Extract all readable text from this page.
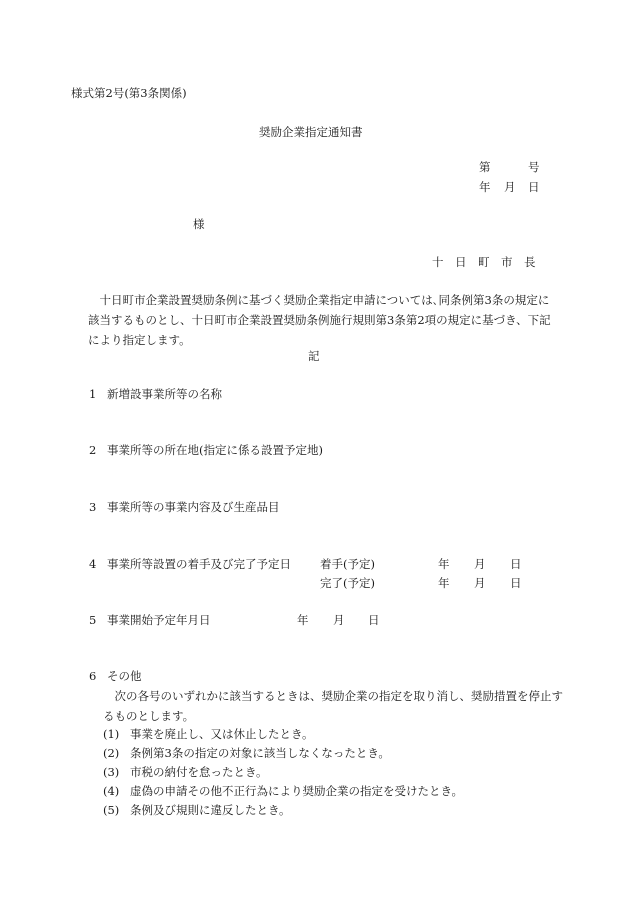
様式第2号(第3条関係)
奨励企業指定通知書
第	号
年 月 日
様
十　日　町　市　長
十日町市企業設置奨励条例に基づく奨励企業指定申請については､同条例第3条の規定に該当するものとし、十日町市企業設置奨励条例施行規則第3条第2項の規定に基づき、下記により指定します。
記
1 新増設事業所等の名称
2 事業所等の所在地(指定に係る設置予定地)
3 事業所等の事業内容及び生産品目
4 事業所等設置の着手及び完了予定日	着手(予定)	年 月 日
完了(予定)	年 月 日
5 事業開始予定年月日	年 月 日
6 その他
次の各号のいずれかに該当するときは、奨励企業の指定を取り消し、奨励措置を停止するものとします。
(1) 事業を廃止し、又は休止したとき。
(2) 条例第3条の指定の対象に該当しなくなったとき。
(3) 市税の納付を怠ったとき。
(4) 虚偽の申請その他不正行為により奨励企業の指定を受けたとき。
(5) 条例及び規則に違反したとき。
